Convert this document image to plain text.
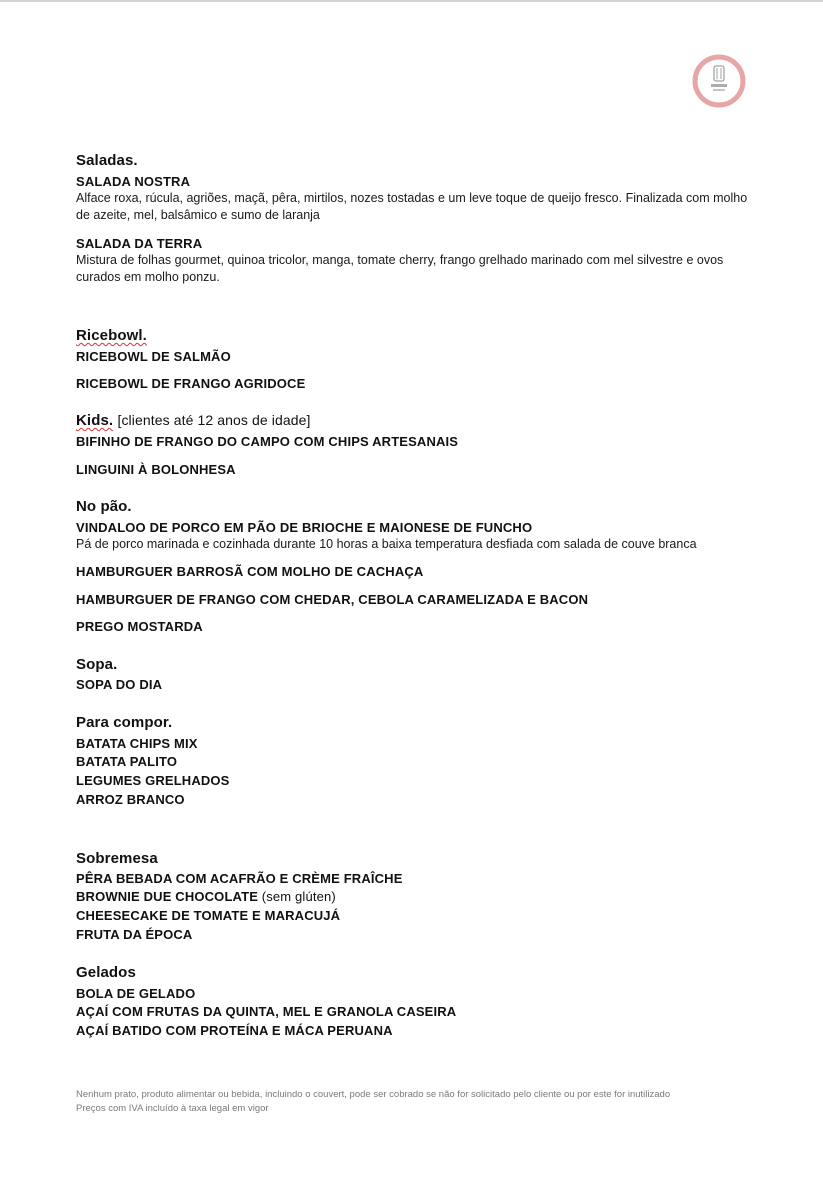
Saladas.
SALADA NOSTRA
Alface roxa, rúcula, agriões, maçã, pêra, mirtilos, nozes tostadas e um leve toque de queijo fresco. Finalizada com molho de azeite, mel, balsâmico e sumo de laranja
SALADA DA TERRA
Mistura de folhas gourmet, quinoa tricolor, manga, tomate cherry, frango grelhado marinado com mel silvestre e ovos curados em molho ponzu.
Ricebowl.
RICEBOWL DE SALMÃO
RICEBOWL DE FRANGO AGRIDOCE
Kids. [clientes até 12 anos de idade]
BIFINHO DE FRANGO DO CAMPO COM CHIPS ARTESANAIS
LINGUINI À BOLONHESA
No pão.
VINDALOO DE PORCO EM PÃO DE BRIOCHE E MAIONESE DE FUNCHO
Pá de porco marinada e cozinhada durante 10 horas a baixa temperatura desfiada com salada de couve branca
HAMBURGUER BARROSÃ COM MOLHO DE CACHAÇA
HAMBURGUER DE FRANGO COM CHEDAR, CEBOLA CARAMELIZADA E BACON
PREGO MOSTARDA
Sopa.
SOPA DO DIA
Para compor.
BATATA CHIPS MIX
BATATA PALITO
LEGUMES GRELHADOS
ARROZ BRANCO
Sobremesa
PÊRA BEBADA COM ACAFRÃO E CRÈME FRAÎCHE
BROWNIE DUE CHOCOLATE (sem glúten)
CHEESECAKE DE TOMATE E MARACUJÁ
FRUTA DA ÉPOCA
Gelados
BOLA DE GELADO
AÇAÍ COM FRUTAS DA QUINTA, MEL E GRANOLA CASEIRA
AÇAÍ BATIDO COM PROTEÍNA E MÁCA PERUANA
Nenhum prato, produto alimentar ou bebida, incluindo o couvert, pode ser cobrado se não for solicitado pelo cliente ou por este for inutilizado
Preços com IVA incluído à taxa legal em vigor
